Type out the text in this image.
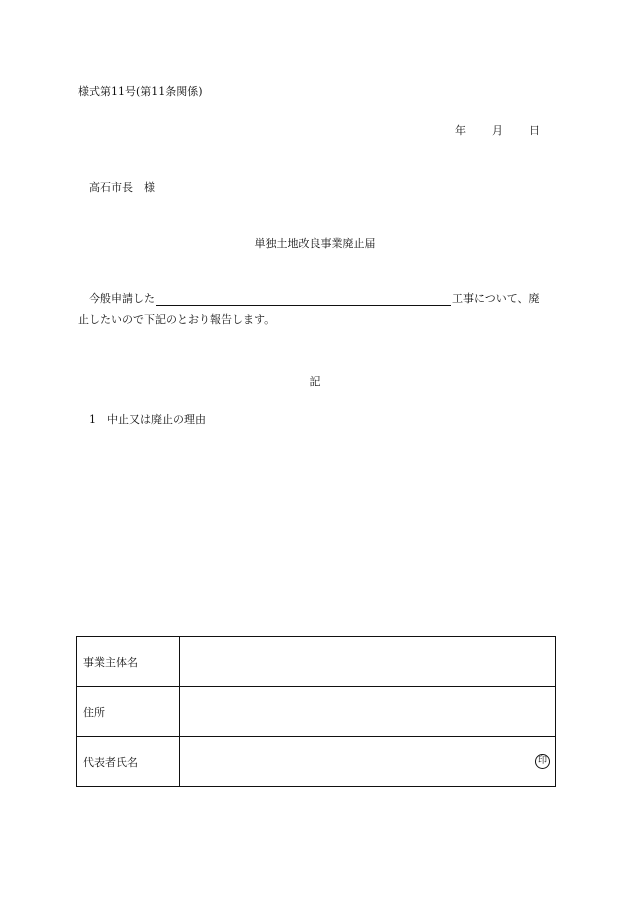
様式第11号(第11条関係)
年 月 日
高石市長　様
単独土地改良事業廃止届
今般申請した	工事について、廃
止したいので下記のとおり報告します。
記
1 中止又は廃止の理由
事業主体名	
住所	
代表者氏名	印
